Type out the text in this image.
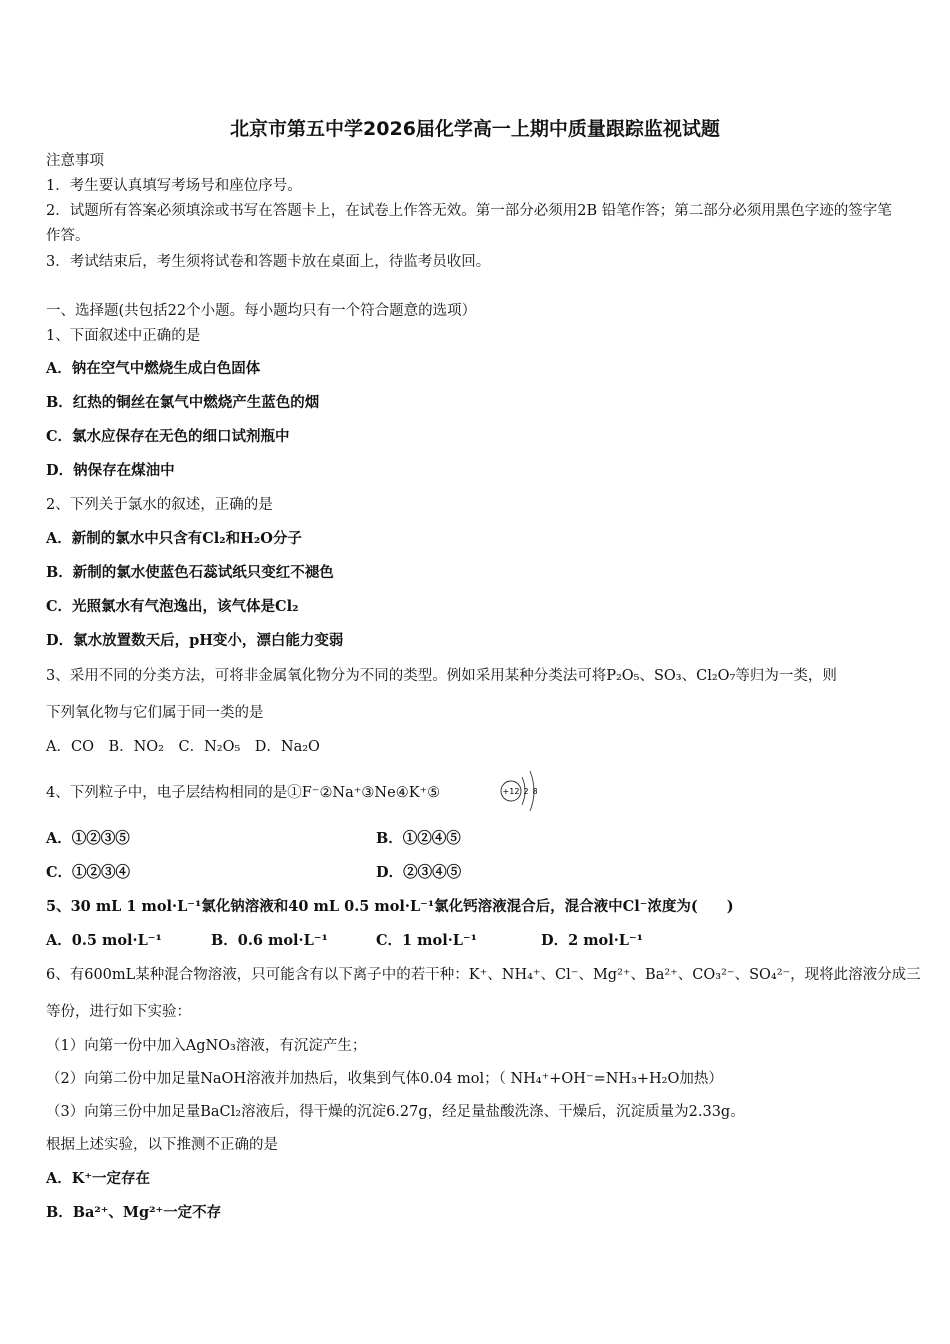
北京市第五中学2026届化学高一上期中质量跟踪监视试题
注意事项
1．考生要认真填写考场号和座位序号。
2．试题所有答案必须填涂或书写在答题卡上，在试卷上作答无效。第一部分必须用2B 铅笔作答；第二部分必须用黑色字迹的签字笔作答。
3．考试结束后，考生须将试卷和答题卡放在桌面上，待监考员收回。
一、选择题(共包括22个小题。每小题均只有一个符合题意的选项）
1、下面叙述中正确的是
A．钠在空气中燃烧生成白色固体
B．红热的铜丝在氯气中燃烧产生蓝色的烟
C．氯水应保存在无色的细口试剂瓶中
D．钠保存在煤油中
2、下列关于氯水的叙述，正确的是
A．新制的氯水中只含有Cl₂和H₂O分子
B．新制的氯水使蓝色石蕊试纸只变红不褪色
C．光照氯水有气泡逸出，该气体是Cl₂
D．氯水放置数天后，pH变小，漂白能力变弱
3、采用不同的分类方法，可将非金属氧化物分为不同的类型。例如采用某种分类法可将P₂O₅、SO₃、Cl₂O₇等归为一类，则
下列氧化物与它们属于同一类的是
A．CO　B．NO₂　C．N₂O₅　D．Na₂O
4、下列粒子中，电子层结构相同的是①F⁻②Na⁺③Ne④K⁺⑤	+12 2 8
A．①②③⑤	B．①②④⑤
C．①②③④	D．②③④⑤
5、30 mL 1 mol·L⁻¹氯化钠溶液和40 mL 0.5 mol·L⁻¹氯化钙溶液混合后，混合液中Cl⁻浓度为(　　)
A．0.5 mol·L⁻¹	B．0.6 mol·L⁻¹	C．1 mol·L⁻¹	D．2 mol·L⁻¹
6、有600mL某种混合物溶液，只可能含有以下离子中的若干种：K⁺、NH₄⁺、Cl⁻、Mg²⁺、Ba²⁺、CO₃²⁻、SO₄²⁻，现将此溶液分成三
等份，进行如下实验：
（1）向第一份中加入AgNO₃溶液，有沉淀产生；
（2）向第二份中加足量NaOH溶液并加热后，收集到气体0.04 mol；（ NH₄⁺+OH⁻=NH₃+H₂O加热）
（3）向第三份中加足量BaCl₂溶液后，得干燥的沉淀6.27g，经足量盐酸洗涤、干燥后，沉淀质量为2.33g。
根据上述实验，以下推测不正确的是
A．K⁺一定存在
B．Ba²⁺、Mg²⁺一定不存
